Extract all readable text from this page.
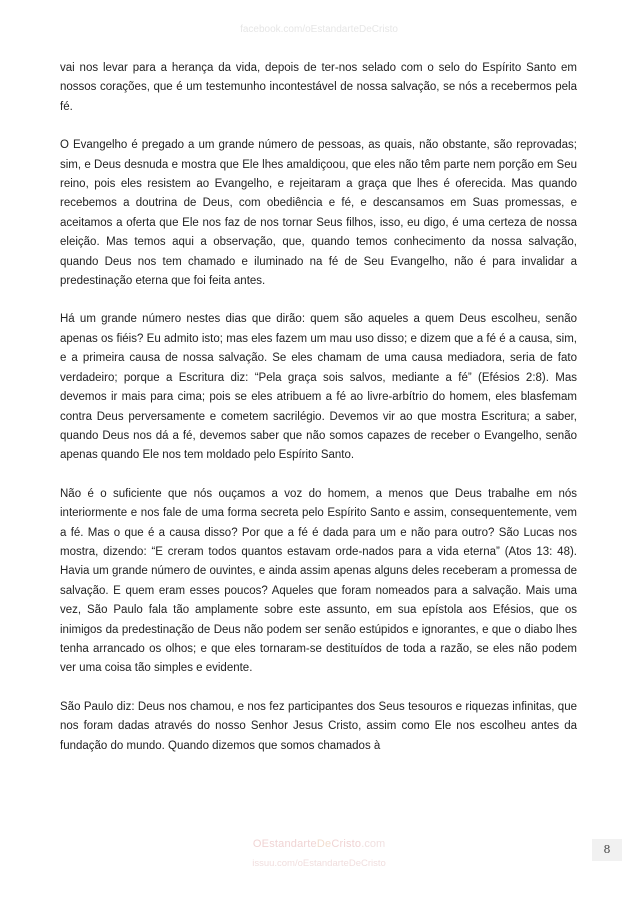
facebook.com/oEstandarteDeCristo

vai nos levar para a herança da vida, depois de ter-nos selado com o selo do Espírito Santo em nossos corações, que é um testemunho incontestável de nossa salvação, se nós a recebermos pela fé.

O Evangelho é pregado a um grande número de pessoas, as quais, não obstante, são reprovadas; sim, e Deus desnuda e mostra que Ele lhes amaldiçoou, que eles não têm parte nem porção em Seu reino, pois eles resistem ao Evangelho, e rejeitaram a graça que lhes é oferecida. Mas quando recebemos a doutrina de Deus, com obediência e fé, e descansamos em Suas promessas, e aceitamos a oferta que Ele nos faz de nos tornar Seus filhos, isso, eu digo, é uma certeza de nossa eleição. Mas temos aqui a observação, que, quando temos conhecimento da nossa salvação, quando Deus nos tem chamado e iluminado na fé de Seu Evangelho, não é para invalidar a predestinação eterna que foi feita antes.

Há um grande número nestes dias que dirão: quem são aqueles a quem Deus escolheu, senão apenas os fiéis? Eu admito isto; mas eles fazem um mau uso disso; e dizem que a fé é a causa, sim, e a primeira causa de nossa salvação. Se eles chamam de uma causa mediadora, seria de fato verdadeiro; porque a Escritura diz: “Pela graça sois salvos, mediante a fé” (Efésios 2:8). Mas devemos ir mais para cima; pois se eles atribuem a fé ao livre-arbítrio do homem, eles blasfemam contra Deus perversamente e cometem sacrilégio. Devemos vir ao que mostra Escritura; a saber, quando Deus nos dá a fé, devemos saber que não somos capazes de receber o Evangelho, senão apenas quando Ele nos tem moldado pelo Espírito Santo.

Não é o suficiente que nós ouçamos a voz do homem, a menos que Deus trabalhe em nós interiormente e nos fale de uma forma secreta pelo Espírito Santo e assim, consequentemente, vem a fé. Mas o que é a causa disso? Por que a fé é dada para um e não para outro? São Lucas nos mostra, dizendo: “E creram todos quantos estavam orde-nados para a vida eterna” (Atos 13: 48). Havia um grande número de ouvintes, e ainda assim apenas alguns deles receberam a promessa de salvação. E quem eram esses poucos? Aqueles que foram nomeados para a salvação. Mais uma vez, São Paulo fala tão amplamente sobre este assunto, em sua epístola aos Efésios, que os inimigos da predestinação de Deus não podem ser senão estúpidos e ignorantes, e que o diabo lhes tenha arrancado os olhos; e que eles tornaram-se destituídos de toda a razão, se eles não podem ver uma coisa tão simples e evidente.

São Paulo diz: Deus nos chamou, e nos fez participantes dos Seus tesouros e riquezas infinitas, que nos foram dadas através do nosso Senhor Jesus Cristo, assim como Ele nos escolheu antes da fundação do mundo. Quando dizemos que somos chamados à

OEstandarteDeCristo.com
issuu.com/oEstandarteDeCristo
8
